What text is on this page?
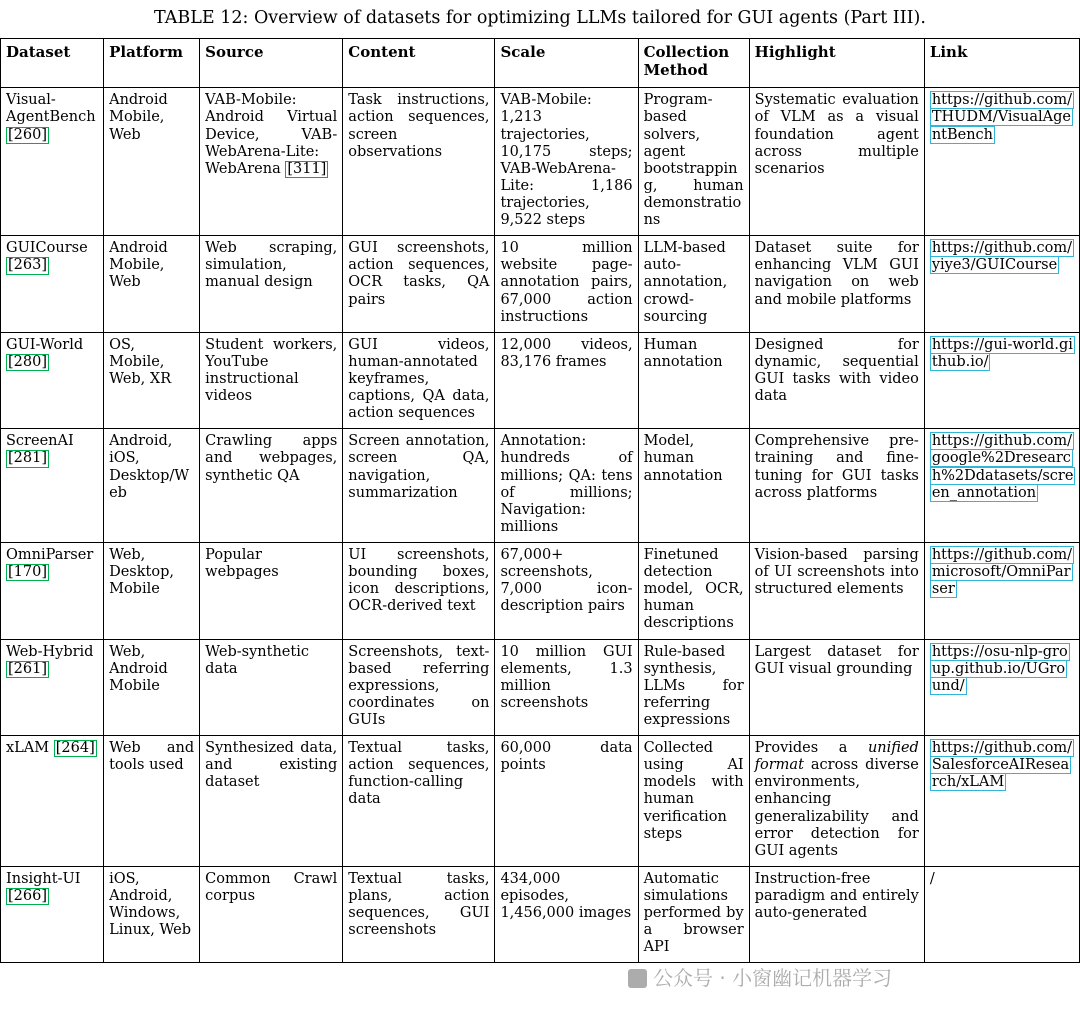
TABLE 12: Overview of datasets for optimizing LLMs tailored for GUI agents (Part III).
Dataset	Platform	Source	Content	Scale	Collection Method	Highlight	Link
Visual-AgentBench [260]	Android Mobile, Web	VAB-Mobile: Android Virtual Device, VAB-WebArena-Lite: WebArena [311]	Task instructions, action sequences, screen observations	VAB-Mobile: 1,213 trajectories, 10,175 steps; VAB-WebArena-Lite: 1,186 trajectories, 9,522 steps	Program-based solvers, agent bootstrapping, human demonstrations	Systematic evaluation of VLM as a visual foundation agent across multiple scenarios	https://github.com/THUDM/VisualAgentBench
GUICourse [263]	Android Mobile, Web	Web scraping, simulation, manual design	GUI screenshots, action sequences, OCR tasks, QA pairs	10 million website page-annotation pairs, 67,000 action instructions	LLM-based auto-annotation, crowd-sourcing	Dataset suite for enhancing VLM GUI navigation on web and mobile platforms	https://github.com/yiye3/GUICourse
GUI-World [280]	OS, Mobile, Web, XR	Student workers, YouTube instructional videos	GUI videos, human-annotated keyframes, captions, QA data, action sequences	12,000 videos, 83,176 frames	Human annotation	Designed for dynamic, sequential GUI tasks with video data	https://gui-world.github.io/
ScreenAI [281]	Android, iOS, Desktop/Web	Crawling apps and webpages, synthetic QA	Screen annotation, screen QA, navigation, summarization	Annotation: hundreds of millions; QA: tens of millions; Navigation: millions	Model, human annotation	Comprehensive pre-training and fine-tuning for GUI tasks across platforms	https://github.com/google%2Dresearch%2Ddatasets/screen_annotation
OmniParser [170]	Web, Desktop, Mobile	Popular webpages	UI screenshots, bounding boxes, icon descriptions, OCR-derived text	67,000+ screenshots, 7,000 icon-description pairs	Finetuned detection model, OCR, human descriptions	Vision-based parsing of UI screenshots into structured elements	https://github.com/microsoft/OmniParser
Web-Hybrid [261]	Web, Android Mobile	Web-synthetic data	Screenshots, text-based referring expressions, coordinates on GUIs	10 million GUI elements, 1.3 million screenshots	Rule-based synthesis, LLMs for referring expressions	Largest dataset for GUI visual grounding	https://osu-nlp-group.github.io/UGround/
xLAM [264]	Web and tools used	Synthesized data, and existing dataset	Textual tasks, action sequences, function-calling data	60,000 data points	Collected using AI models with human verification steps	Provides a unified format across diverse environments, enhancing generalizability and error detection for GUI agents	https://github.com/SalesforceAIResearch/xLAM
Insight-UI [266]	iOS, Android, Windows, Linux, Web	Common Crawl corpus	Textual tasks, plans, action sequences, GUI screenshots	434,000 episodes, 1,456,000 images	Automatic simulations performed by a browser API	Instruction-free paradigm and entirely auto-generated	/
公众号 · 小窗幽记机器学习
